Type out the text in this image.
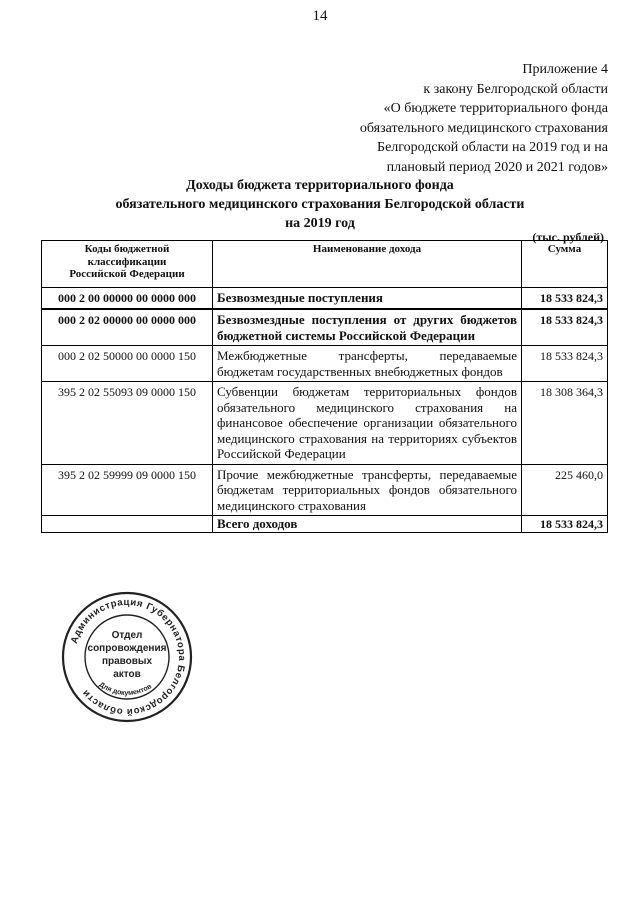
14
Приложение 4
к закону Белгородской области
«О бюджете территориального фонда
обязательного медицинского страхования
Белгородской области на 2019 год и на
плановый период 2020 и 2021 годов»
Доходы бюджета территориального фонда
обязательного медицинского страхования Белгородской области
на 2019 год
(тыс. рублей)
Коды бюджетной
классификации
Российской Федерации	Наименование дохода	Сумма
000 2 00 00000 00 0000 000	Безвозмездные поступления	18 533 824,3
000 2 02 00000 00 0000 000	Безвозмездные поступления от других бюджетов бюджетной системы Российской Федерации	18 533 824,3
000 2 02 50000 00 0000 150	Межбюджетные трансферты, передаваемые бюджетам государственных внебюджетных фондов	18 533 824,3
395 2 02 55093 09 0000 150	Субвенции бюджетам территориальных фондов обязательного медицинского страхования на финансовое обеспечение организации обязательного медицинского страхования на территориях субъектов Российской Федерации	18 308 364,3
395 2 02 59999 09 0000 150	Прочие межбюджетные трансферты, передаваемые бюджетам территориальных фондов обязательного медицинского страхования	225 460,0
	Всего доходов	18 533 824,3
Администрация Губернатора Белгородской области
Отдел
сопровождения
правовых
актов
Для документов
